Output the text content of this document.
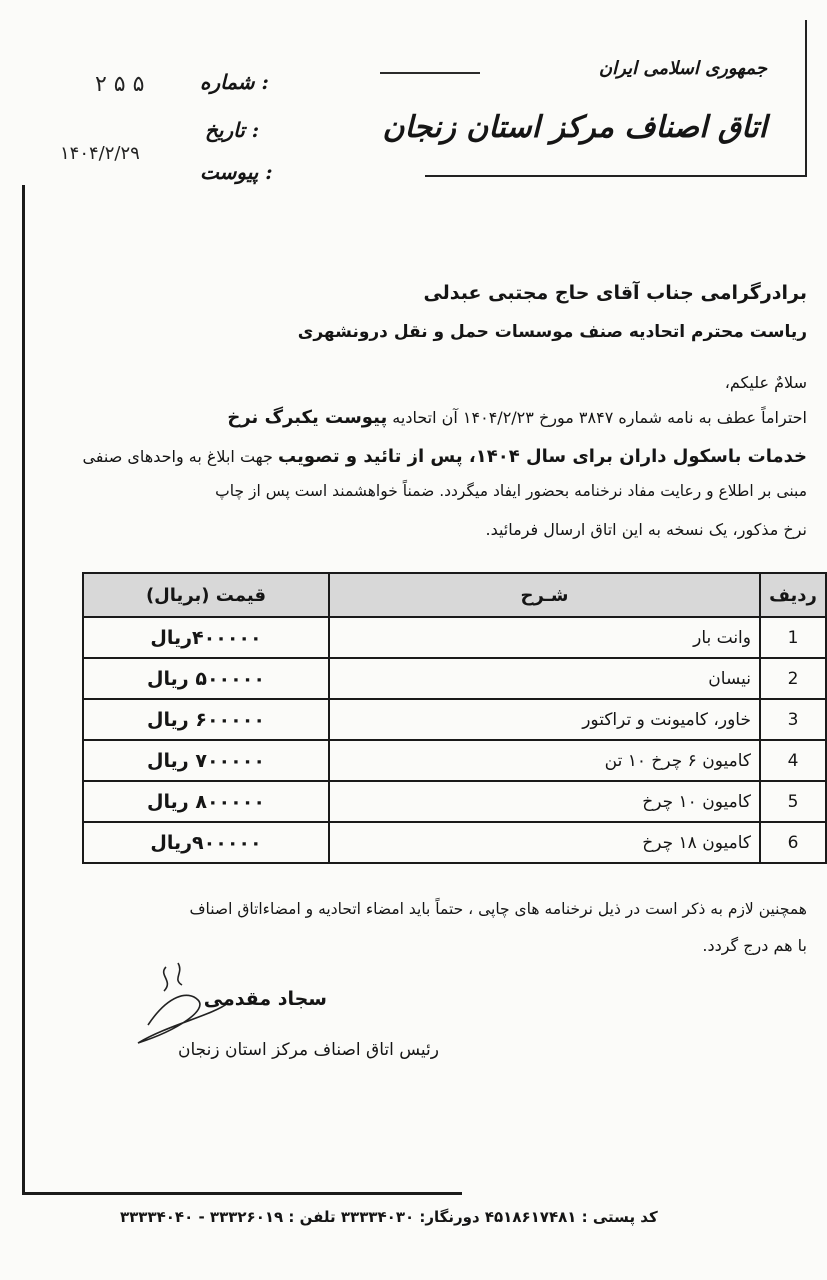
جمهوری اسلامی ایران
اتاق اصناف مرکز استان زنجان
شماره :
۲ ۵ ۵
تاریخ :
۱۴۰۴/۲/۲۹
پیوست :
برادرگرامی جناب آقای حاج مجتبی عبدلی
ریاست محترم اتحادیه صنف موسسات حمل و نقل درونشهری
سلامٌ علیکم،
احتراماً عطف به نامه شماره ۳۸۴۷ مورخ ۱۴۰۴/۲/۲۳ آن اتحادیه پیوست یکبرگ نرخ
خدمات باسکول داران برای سال ۱۴۰۴، پس از تائید و تصویب جهت ابلاغ به واحدهای صنفی
مبنی بر اطلاع و رعایت مفاد نرخنامه بحضور ایفاد میگردد. ضمناً خواهشمند است پس از چاپ
نرخ مذکور، یک نسخه به این اتاق ارسال فرمائید.
ردیف	شـرح	قیمت (بریال)
1	وانت بار	۴۰۰۰۰۰ریال
2	نیسان	۵۰۰۰۰۰ ریال
3	خاور، کامیونت و تراکتور	۶۰۰۰۰۰ ریال
4	کامیون ۶ چرخ ۱۰ تن	۷۰۰۰۰۰ ریال
5	کامیون ۱۰ چرخ	۸۰۰۰۰۰ ریال
6	کامیون ۱۸ چرخ	۹۰۰۰۰۰ریال
همچنین لازم به ذکر است در ذیل نرخنامه های چاپی ، حتماً باید امضاء اتحادیه و امضاءاتاق اصناف
با هم درج گردد.
سجاد مقدمی
رئیس اتاق اصناف مرکز استان زنجان
کد پستی : ۴۵۱۸۶۱۷۴۸۱ دورنگار: ۳۳۳۳۴۰۳۰ تلفن : ۳۳۳۲۶۰۱۹ - ۳۳۳۳۴۰۴۰
